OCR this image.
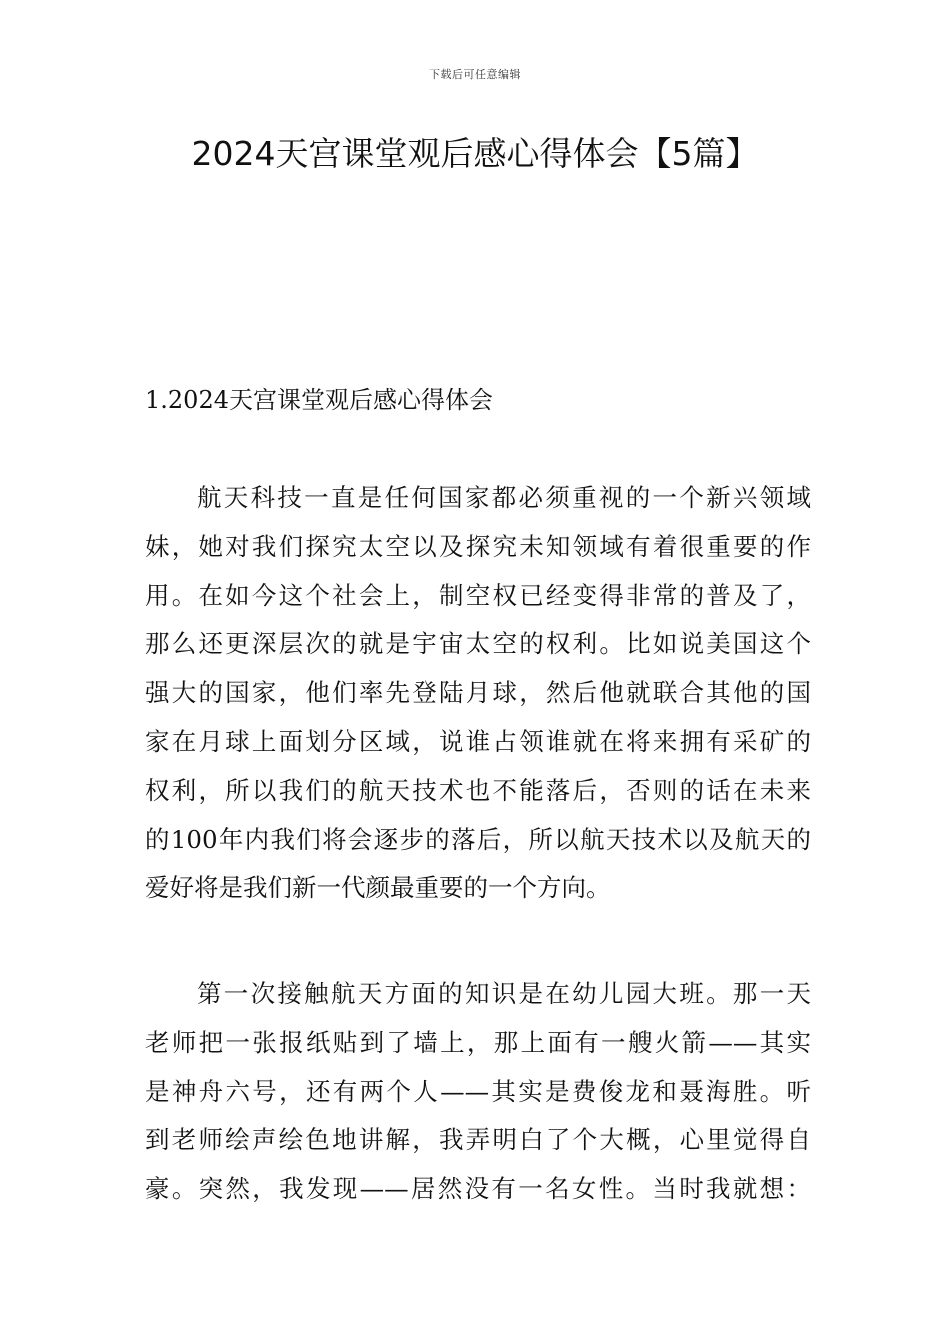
下载后可任意编辑
2024天宫课堂观后感心得体会【5篇】
1.2024天宫课堂观后感心得体会
航天科技一直是任何国家都必须重视的一个新兴领域
妹，她对我们探究太空以及探究未知领域有着很重要的作
用。在如今这个社会上，制空权已经变得非常的普及了，
那么还更深层次的就是宇宙太空的权利。比如说美国这个
强大的国家，他们率先登陆月球，然后他就联合其他的国
家在月球上面划分区域，说谁占领谁就在将来拥有采矿的
权利，所以我们的航天技术也不能落后，否则的话在未来
的100年内我们将会逐步的落后，所以航天技术以及航天的
爱好将是我们新一代颜最重要的一个方向。
第一次接触航天方面的知识是在幼儿园大班。那一天
老师把一张报纸贴到了墙上，那上面有一艘火箭——其实
是神舟六号，还有两个人——其实是费俊龙和聂海胜。听
到老师绘声绘色地讲解，我弄明白了个大概，心里觉得自
豪。突然，我发现——居然没有一名女性。当时我就想：
